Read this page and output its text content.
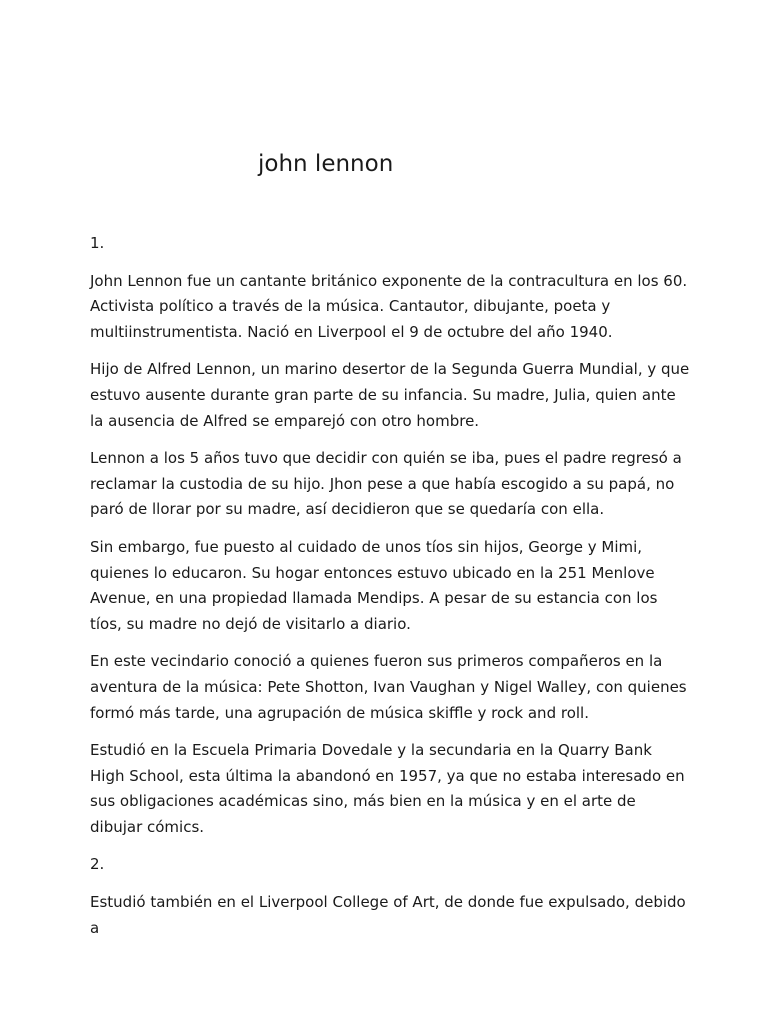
john lennon

1.

John Lennon fue un cantante británico exponente de la contracultura en los 60. Activista político a través de la música. Cantautor, dibujante, poeta y multiinstrumentista. Nació en Liverpool el 9 de octubre del año 1940.

Hijo de Alfred Lennon, un marino desertor de la Segunda Guerra Mundial, y que estuvo ausente durante gran parte de su infancia. Su madre, Julia, quien ante la ausencia de Alfred se emparejó con otro hombre.

Lennon a los 5 años tuvo que decidir con quién se iba, pues el padre regresó a reclamar la custodia de su hijo. Jhon pese a que había escogido a su papá, no paró de llorar por su madre, así decidieron que se quedaría con ella.

Sin embargo, fue puesto al cuidado de unos tíos sin hijos, George y Mimi, quienes lo educaron. Su hogar entonces estuvo ubicado en la 251 Menlove Avenue, en una propiedad llamada Mendips. A pesar de su estancia con los tíos, su madre no dejó de visitarlo a diario.

En este vecindario conoció a quienes fueron sus primeros compañeros en la aventura de la música: Pete Shotton, Ivan Vaughan y Nigel Walley, con quienes formó más tarde, una agrupación de música skiffle y rock and roll.

Estudió en la Escuela Primaria Dovedale y la secundaria en la Quarry Bank High School, esta última la abandonó en 1957, ya que no estaba interesado en sus obligaciones académicas sino, más bien en la música y en el arte de dibujar cómics.

2.

Estudió también en el Liverpool College of Art, de donde fue expulsado, debido a
